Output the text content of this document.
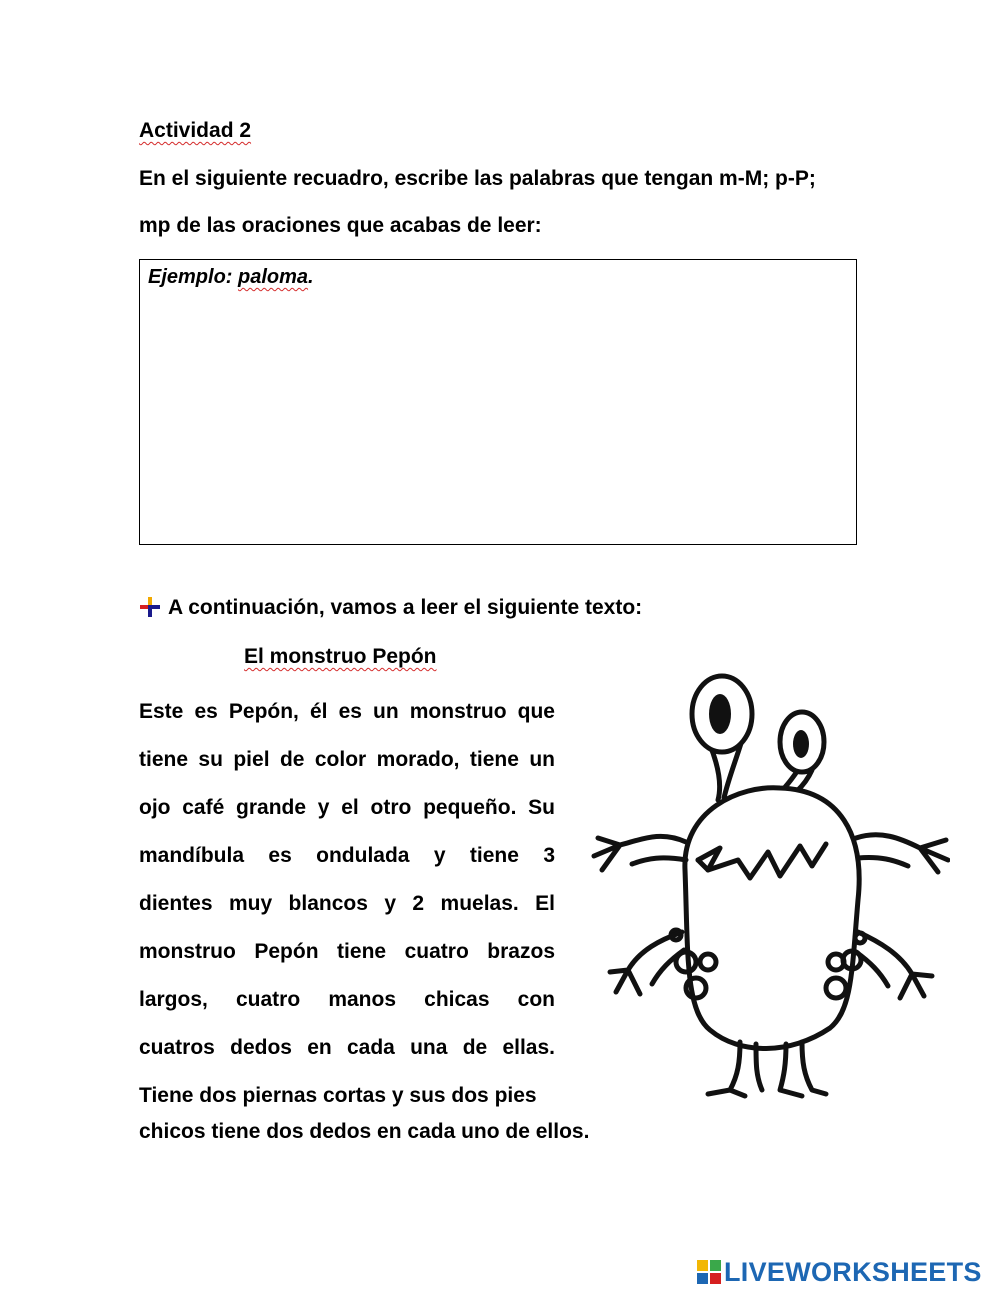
Actividad 2
En el siguiente recuadro, escribe las palabras que tengan m-M; p-P;
mp de las oraciones que acabas de leer:
Ejemplo: paloma.
A continuación, vamos a leer el siguiente texto:
El monstruo Pepón
Este es Pepón, él es un monstruo que
tiene su piel de color morado, tiene un
ojo café grande y el otro pequeño. Su
mandíbula es ondulada y tiene 3
dientes muy blancos y 2 muelas. El
monstruo Pepón tiene cuatro brazos
largos, cuatro manos chicas con
cuatros dedos en cada una de ellas.
Tiene dos piernas cortas y sus dos pies
chicos tiene dos dedos en cada uno de ellos.
LIVEWORKSHEETS
